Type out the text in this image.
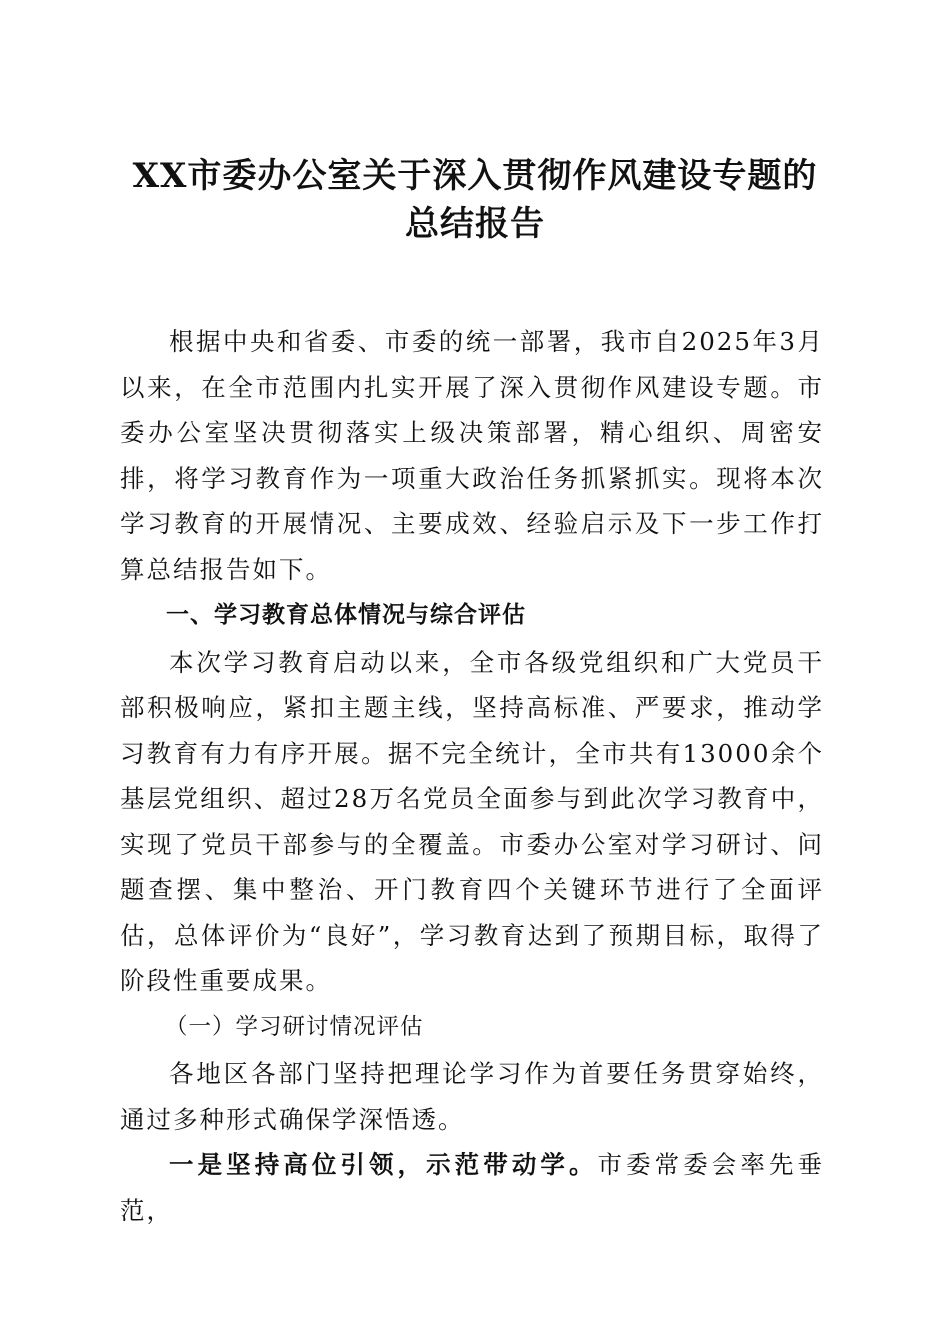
XX市委办公室关于深入贯彻作风建设专题的
总结报告

根据中央和省委、市委的统一部署，我市自2025年3月以来，在全市范围内扎实开展了深入贯彻作风建设专题。市委办公室坚决贯彻落实上级决策部署，精心组织、周密安排，将学习教育作为一项重大政治任务抓紧抓实。现将本次学习教育的开展情况、主要成效、经验启示及下一步工作打算总结报告如下。

一、学习教育总体情况与综合评估

本次学习教育启动以来，全市各级党组织和广大党员干部积极响应，紧扣主题主线，坚持高标准、严要求，推动学习教育有力有序开展。据不完全统计，全市共有13000余个基层党组织、超过28万名党员全面参与到此次学习教育中，实现了党员干部参与的全覆盖。市委办公室对学习研讨、问题查摆、集中整治、开门教育四个关键环节进行了全面评估，总体评价为“良好”，学习教育达到了预期目标，取得了阶段性重要成果。

（一）学习研讨情况评估

各地区各部门坚持把理论学习作为首要任务贯穿始终，通过多种形式确保学深悟透。

一是坚持高位引领，示范带动学。市委常委会率先垂范，
